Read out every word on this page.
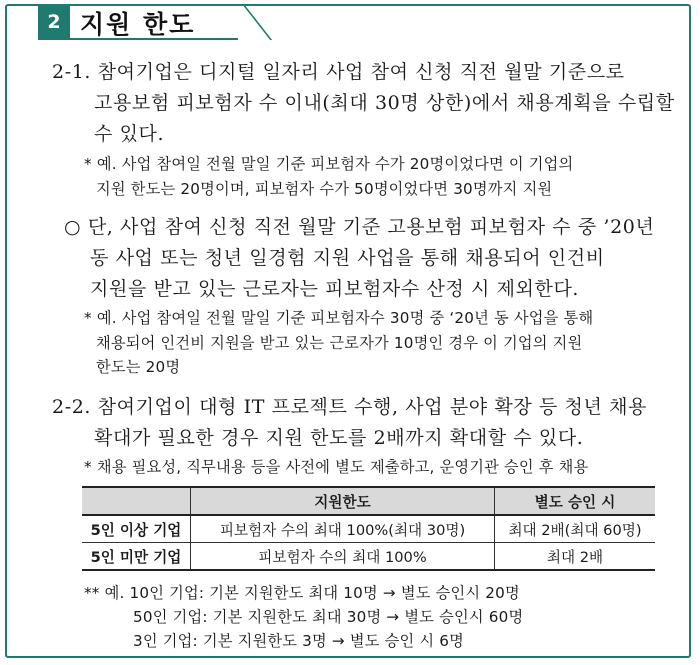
2 지원 한도
2-1. 참여기업은 디지털 일자리 사업 참여 신청 직전 월말 기준으로
고용보험 피보험자 수 이내(최대 30명 상한)에서 채용계획을 수립할
수 있다.
* 예. 사업 참여일 전월 말일 기준 피보험자 수가 20명이었다면 이 기업의
지원 한도는 20명이며, 피보험자 수가 50명이었다면 30명까지 지원
○ 단, 사업 참여 신청 직전 월말 기준 고용보험 피보험자 수 중 ’20년
동 사업 또는 청년 일경험 지원 사업을 통해 채용되어 인건비
지원을 받고 있는 근로자는 피보험자수 산정 시 제외한다.
* 예. 사업 참여일 전월 말일 기준 피보험자수 30명 중 ‘20년 동 사업을 통해
채용되어 인건비 지원을 받고 있는 근로자가 10명인 경우 이 기업의 지원
한도는 20명
2-2. 참여기업이 대형 IT 프로젝트 수행, 사업 분야 확장 등 청년 채용
확대가 필요한 경우 지원 한도를 2배까지 확대할 수 있다.
* 채용 필요성, 직무내용 등을 사전에 별도 제출하고, 운영기관 승인 후 채용
	지원한도	별도 승인 시
5인 이상 기업	피보험자 수의 최대 100%(최대 30명)	최대 2배(최대 60명)
5인 미만 기업	피보험자 수의 최대 100%	최대 2배
** 예. 10인 기업: 기본 지원한도 최대 10명 → 별도 승인시 20명
50인 기업: 기본 지원한도 최대 30명 → 별도 승인시 60명
3인 기업: 기본 지원한도 3명 → 별도 승인 시 6명
